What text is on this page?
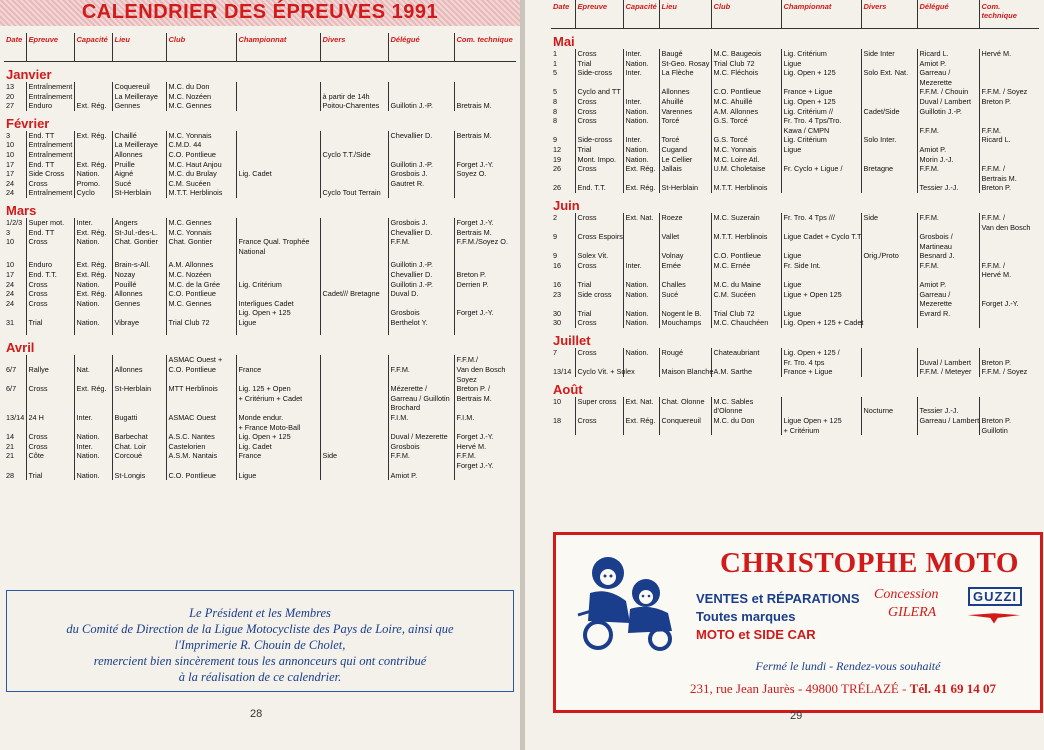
CALENDRIER DES ÉPREUVES 1991
Date	Epreuve	Capacité	Lieu	Club	Championnat	Divers	Délégué	Com. technique
Janvier								
13	Entraînement		Coquereuil	M.C. du Don				
20	Entraînement		La Meilleraye	M.C. Nozéen		à partir de 14h		
27	Enduro	Ext. Rég.	Gennes	M.C. Gennes		Poitou-Charentes	Guillotin J.-P.	Bretrais M.
Février								
3	End. TT	Ext. Rég.	Chaillé	M.C. Yonnais			Chevallier D.	Bertrais M.
10	Entraînement		La Meilleraye	C.M.D. 44				
10	Entraînement		Allonnes	C.O. Pontlieue		Cyclo T.T./Side		
17	End. TT	Ext. Rég.	Pruille	M.C. Haut Anjou			Guillotin J.-P.	Forget J.-Y.
17	Side Cross	Nation.	Aigné	M.C. du Brulay	Lig. Cadet		Grosbois J.	Soyez O.
24	Cross	Promo.	Sucé	C.M. Sucéen			Gautret R.	
24	Entraînement	Cyclo	St-Herblain	M.T.T. Herblinois		Cyclo Tout Terrain		
Mars								
1/2/3	Super mot.	Inter.	Angers	M.C. Gennes			Grosbois J.	Forget J.-Y.
3	End. TT	Ext. Rég.	St-Jul.-des-L.	M.C. Yonnais			Chevallier D.	Bertrais M.
10	Cross	Nation.	Chat. Gontier	Chat. Gontier	France Qual. Trophée		F.F.M.	F.F.M./Soyez O.
					National			

10	Enduro	Ext. Rég.	Brain-s-All.	A.M. Allonnes			Guillotin J.-P.	
17	End. T.T.	Ext. Rég.	Nozay	M.C. Nozéen			Chevallier D.	Breton P.
24	Cross	Nation.	Pouillé	M.C. de la Grée	Lig. Critérium		Guillotin J.-P.	Derrien P.
24	Cross	Ext. Rég.	Allonnes	C.O. Pontlieue		Cadet/// Bretagne	Duval D.	
24	Cross	Nation.	Gennes	M.C. Gennes	Interligues Cadet			
					Lig. Open + 125		Grosbois	Forget J.-Y.
31	Trial	Nation.	Vibraye	Trial Club 72	Ligue		Berthelot Y.	

Avril								
				ASMAC Ouest +				F.F.M./
6/7	Rallye	Nat.	Allonnes	C.O. Pontlieue	France		F.F.M.	Van den Bosch
								Soyez
6/7	Cross	Ext. Rég.	St-Herblain	MTT Herblinois	Lig. 125 + Open		Mézerette /	Breton P. /
					+ Critérium + Cadet		Garreau / Guillotin	Bertrais M.
							Brochard	
13/14	24 H	Inter.	Bugatti	ASMAC Ouest	Monde endur.		F.I.M.	F.I.M.
					+ France Moto-Ball			
14	Cross	Nation.	Barbechat	A.S.C. Nantes	Lig. Open + 125		Duval / Mezerette	Forget J.-Y.
21	Cross	Inter.	Chat. Loir	Castelorien	Lig. Cadet		Grosbois	Hervé M.
21	Côte	Nation.	Corcoué	A.S.M. Nantais	France	Side	F.F.M.	F.F.M.
								Forget J.-Y.
28	Trial	Nation.	St-Longis	C.O. Pontlieue	Ligue		Amiot P.	
Le Président et les Membres
du Comité de Direction de la Ligue Motocycliste des Pays de Loire, ainsi que
l'Imprimerie R. Chouin de Cholet,
remercient bien sincèrement tous les annonceurs qui ont contribué
à la réalisation de ce calendrier.
28
Date	Epreuve	Capacité	Lieu	Club	Championnat	Divers	Délégué	Com. technique
Mai								
1	Cross	Inter.	Baugé	M.C. Baugeois	Lig. Critérium	Side Inter	Ricard L.	Hervé M.
1	Trial	Nation.	St-Geo. Rosay	Trial Club 72	Ligue		Amiot P.	
5	Side-cross	Inter.	La Flèche	M.C. Fléchois	Lig. Open + 125	Solo Ext. Nat.	Garreau /	
							Mezerette	
5	Cyclo and TT		Allonnes	C.O. Pontlieue	France + Ligue		F.F.M. / Chouin	F.F.M. / Soyez
8	Cross	Inter.	Ahuillé	M.C. Ahuillé	Lig. Open + 125		Duval / Lambert	Breton P.
8	Cross	Nation.	Varennes	A.M. Allonnes	Lig. Critérium //	Cadet/Side	Guillotin J.-P.	
8	Cross	Nation.	Torcé	G.S. Torcé	Fr. Tro. 4 Tps/Tro.			
					Kawa / CMPN		F.F.M.	F.F.M.
9	Side-cross	Inter.	Torcé	G.S. Torcé	Lig. Critérium	Solo Inter.		Ricard L.
12	Trial	Nation.	Cugand	M.C. Yonnais	Ligue		Amiot P.	
19	Mont. Impo.	Nation.	Le Cellier	M.C. Loire Atl.			Morin J.-J.	
26	Cross	Ext. Rég.	Jallais	U.M. Choletaise	Fr. Cyclo + Ligue /	Bretagne	F.F.M.	F.F.M. /
								Bertrais M.
26	End. T.T.	Ext. Rég.	St-Herblain	M.T.T. Herblinois			Tessier J.-J.	Breton P.
Juin								
2	Cross	Ext. Nat.	Roeze	M.C. Suzerain	Fr. Tro. 4 Tps ///	Side	F.F.M.	F.F.M. /
								Van den Bosch
9	Cross Espoirs		Vallet	M.T.T. Herblinois	Ligue Cadet + Cyclo T.T.		Grosbois /	
							Martineau	
9	Solex Vit.		Volnay	C.O. Pontlieue	Ligue	Orig./Proto	Besnard J.	
16	Cross	Inter.	Ernée	M.C. Ernée	Fr. Side Int.		F.F.M.	F.F.M. /
								Hervé M.
16	Trial	Nation.	Challes	M.C. du Maine	Ligue		Amiot P.	
23	Side cross	Nation.	Sucé	C.M. Sucéen	Ligue + Open 125		Garreau /	
							Mezerette	Forget J.-Y.
30	Trial	Nation.	Nogent le B.	Trial Club 72	Ligue		Evrard R.	
30	Cross	Nation.	Mouchamps	M.C. Chauchéen	Lig. Open + 125 + Cadet			
Juillet								
7	Cross	Nation.	Rougé	Chateaubriant	Lig. Open + 125 /			
					Fr. Tro. 4 tps		Duval / Lambert	Breton P.
13/14	Cyclo Vit. + Solex		Maison Blanche	A.M. Sarthe	France + Ligue		F.F.M. / Meteyer	F.F.M. / Soyez
Août								
10	Super cross	Ext. Nat.	Chat. Olonne	M.C. Sables				
				d'Olonne		Nocturne	Tessier J.-J.	
18	Cross	Ext. Rég.	Conquereuil	M.C. du Don	Ligue Open + 125		Garreau / Lambert	Breton P.
					+ Critérium			Guillotin
CHRISTOPHE MOTO
VENTES et RÉPARATIONS
Toutes marques
MOTO et SIDE CAR
Concession	GUZZI
GILERA
Fermé le lundi - Rendez-vous souhaité
231, rue Jean Jaurès - 49800 TRÉLAZÉ - Tél. 41 69 14 07
29
